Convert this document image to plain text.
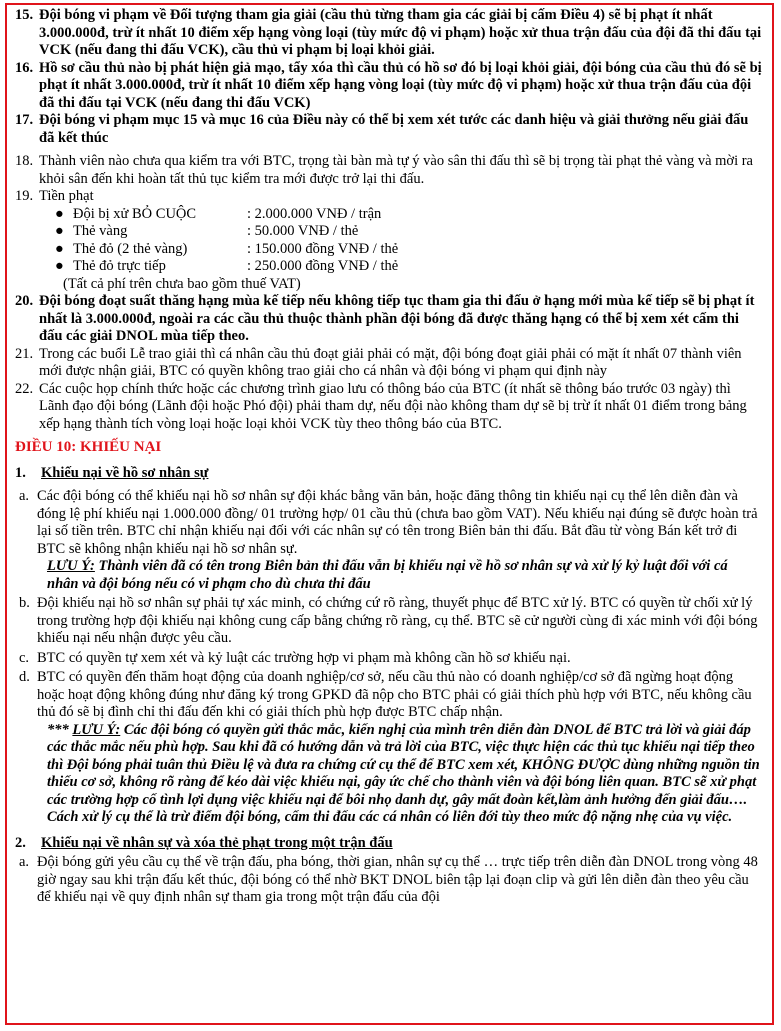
15. Đội bóng vi phạm về Đối tượng tham gia giải (cầu thủ từng tham gia các giải bị cấm Điều 4) sẽ bị phạt ít nhất 3.000.000đ, trừ ít nhất 10 điểm xếp hạng vòng loại (tùy mức độ vi phạm) hoặc xử thua trận đấu của đội đã thi đấu tại VCK (nếu đang thi đấu VCK), cầu thủ vi phạm bị loại khỏi giải.
16. Hồ sơ cầu thủ nào bị phát hiện giả mạo, tẩy xóa thì cầu thủ có hồ sơ đó bị loại khỏi giải, đội bóng của cầu thủ đó sẽ bị phạt ít nhất 3.000.000đ, trừ ít nhất 10 điểm xếp hạng vòng loại (tùy mức độ vi phạm) hoặc xử thua trận đấu của đội đã thi đấu tại VCK (nếu đang thi đấu VCK)
17. Đội bóng vi phạm mục 15 và mục 16 của Điều này có thể bị xem xét tước các danh hiệu và giải thưởng nếu giải đấu đã kết thúc
18. Thành viên nào chưa qua kiểm tra với BTC, trọng tài bàn mà tự ý vào sân thi đấu thì sẽ bị trọng tài phạt thẻ vàng và mời ra khỏi sân đến khi hoàn tất thủ tục kiểm tra mới được trở lại thi đấu.
19. Tiền phạt
● Đội bị xử BỎ CUỘC	: 2.000.000 VNĐ / trận
● Thẻ vàng	: 50.000 VNĐ / thẻ
● Thẻ đỏ (2 thẻ vàng)	: 150.000 đồng VNĐ / thẻ
● Thẻ đỏ trực tiếp	: 250.000 đồng VNĐ / thẻ
(Tất cả phí trên chưa bao gồm thuế VAT)
20. Đội bóng đoạt suất thăng hạng mùa kế tiếp nếu không tiếp tục tham gia thi đấu ở hạng mới mùa kế tiếp sẽ bị phạt ít nhất là 3.000.000đ, ngoài ra các cầu thủ thuộc thành phần đội bóng đã được thăng hạng có thể bị xem xét cấm thi đấu các giải DNOL mùa tiếp theo.
21. Trong các buổi Lễ trao giải thì cá nhân cầu thủ đoạt giải phải có mặt, đội bóng đoạt giải phải có mặt ít nhất 07 thành viên mới được nhận giải, BTC có quyền không trao giải cho cá nhân và đội bóng vi phạm qui định này
22. Các cuộc họp chính thức hoặc các chương trình giao lưu có thông báo của BTC (ít nhất sẽ thông báo trước 03 ngày) thì Lãnh đạo đội bóng (Lãnh đội hoặc Phó đội) phải tham dự, nếu đội nào không tham dự sẽ bị trừ ít nhất 01 điểm trong bảng xếp hạng thành tích vòng loại hoặc loại khỏi VCK tùy theo thông báo của BTC.
ĐIỀU 10: KHIẾU NẠI
1.	Khiếu nại về hồ sơ nhân sự
a. Các đội bóng có thể khiếu nại hồ sơ nhân sự đội khác bằng văn bản, hoặc đăng thông tin khiếu nại cụ thể lên diễn đàn và đóng lệ phí khiếu nại 1.000.000 đồng/ 01 trường hợp/ 01 cầu thủ (chưa bao gồm VAT). Nếu khiếu nại đúng sẽ được hoàn trả lại số tiền trên. BTC chỉ nhận khiếu nại đối với các nhân sự có tên trong Biên bản thi đấu. Bắt đầu từ vòng Bán kết trở đi BTC sẽ không nhận khiếu nại hồ sơ nhân sự.
LƯU Ý: Thành viên đã có tên trong Biên bản thi đấu vẫn bị khiếu nại về hồ sơ nhân sự và xử lý kỷ luật đối với cá nhân và đội bóng nếu có vi phạm cho dù chưa thi đấu
b. Đội khiếu nại hồ sơ nhân sự phải tự xác minh, có chứng cứ rõ ràng, thuyết phục để BTC xử lý. BTC có quyền từ chối xử lý trong trường hợp đội khiếu nại không cung cấp bằng chứng rõ ràng, cụ thể. BTC sẽ cử người cùng đi xác minh với đội bóng khiếu nại nếu nhận được yêu cầu.
c. BTC có quyền tự xem xét và kỷ luật các trường hợp vi phạm mà không cần hồ sơ khiếu nại.
d. BTC có quyền đến thăm hoạt động của doanh nghiệp/cơ sở, nếu cầu thủ nào có doanh nghiệp/cơ sở đã ngừng hoạt động hoặc hoạt động không đúng như đăng ký trong GPKD đã nộp cho BTC phải có giải thích phù hợp với BTC, nếu không cầu thủ đó sẽ bị đình chỉ thi đấu đến khi có giải thích phù hợp được BTC chấp nhận.
*** LƯU Ý: Các đội bóng có quyền gửi thắc mắc, kiến nghị của mình trên diễn đàn DNOL để BTC trả lời và giải đáp các thắc mắc nếu phù hợp. Sau khi đã có hướng dẫn và trả lời của BTC, việc thực hiện các thủ tục khiếu nại tiếp theo thì Đội bóng phải tuân thủ Điều lệ và đưa ra chứng cứ cụ thể để BTC xem xét, KHÔNG ĐƯỢC dùng những nguồn tin thiếu cơ sở, không rõ ràng để kéo dài việc khiếu nại, gây ức chế cho thành viên và đội bóng liên quan. BTC sẽ xử phạt các trường hợp cố tình lợi dụng việc khiếu nại để bôi nhọ danh dự, gây mất đoàn kết,làm ảnh hưởng đến giải đấu…. Cách xử lý cụ thể là trừ điểm đội bóng, cấm thi đấu các cá nhân có liên đới tùy theo mức độ nặng nhẹ của vụ việc.
2.	Khiếu nại về nhân sự và xóa thẻ phạt trong một trận đấu
a. Đội bóng gửi yêu cầu cụ thể về trận đấu, pha bóng, thời gian, nhân sự cụ thể … trực tiếp trên diễn đàn DNOL trong vòng 48 giờ ngay sau khi trận đấu kết thúc, đội bóng có thể nhờ BKT DNOL biên tập lại đoạn clip và gửi lên diễn đàn theo yêu cầu để khiếu nại về quy định nhân sự tham gia trong một trận đấu của đội
